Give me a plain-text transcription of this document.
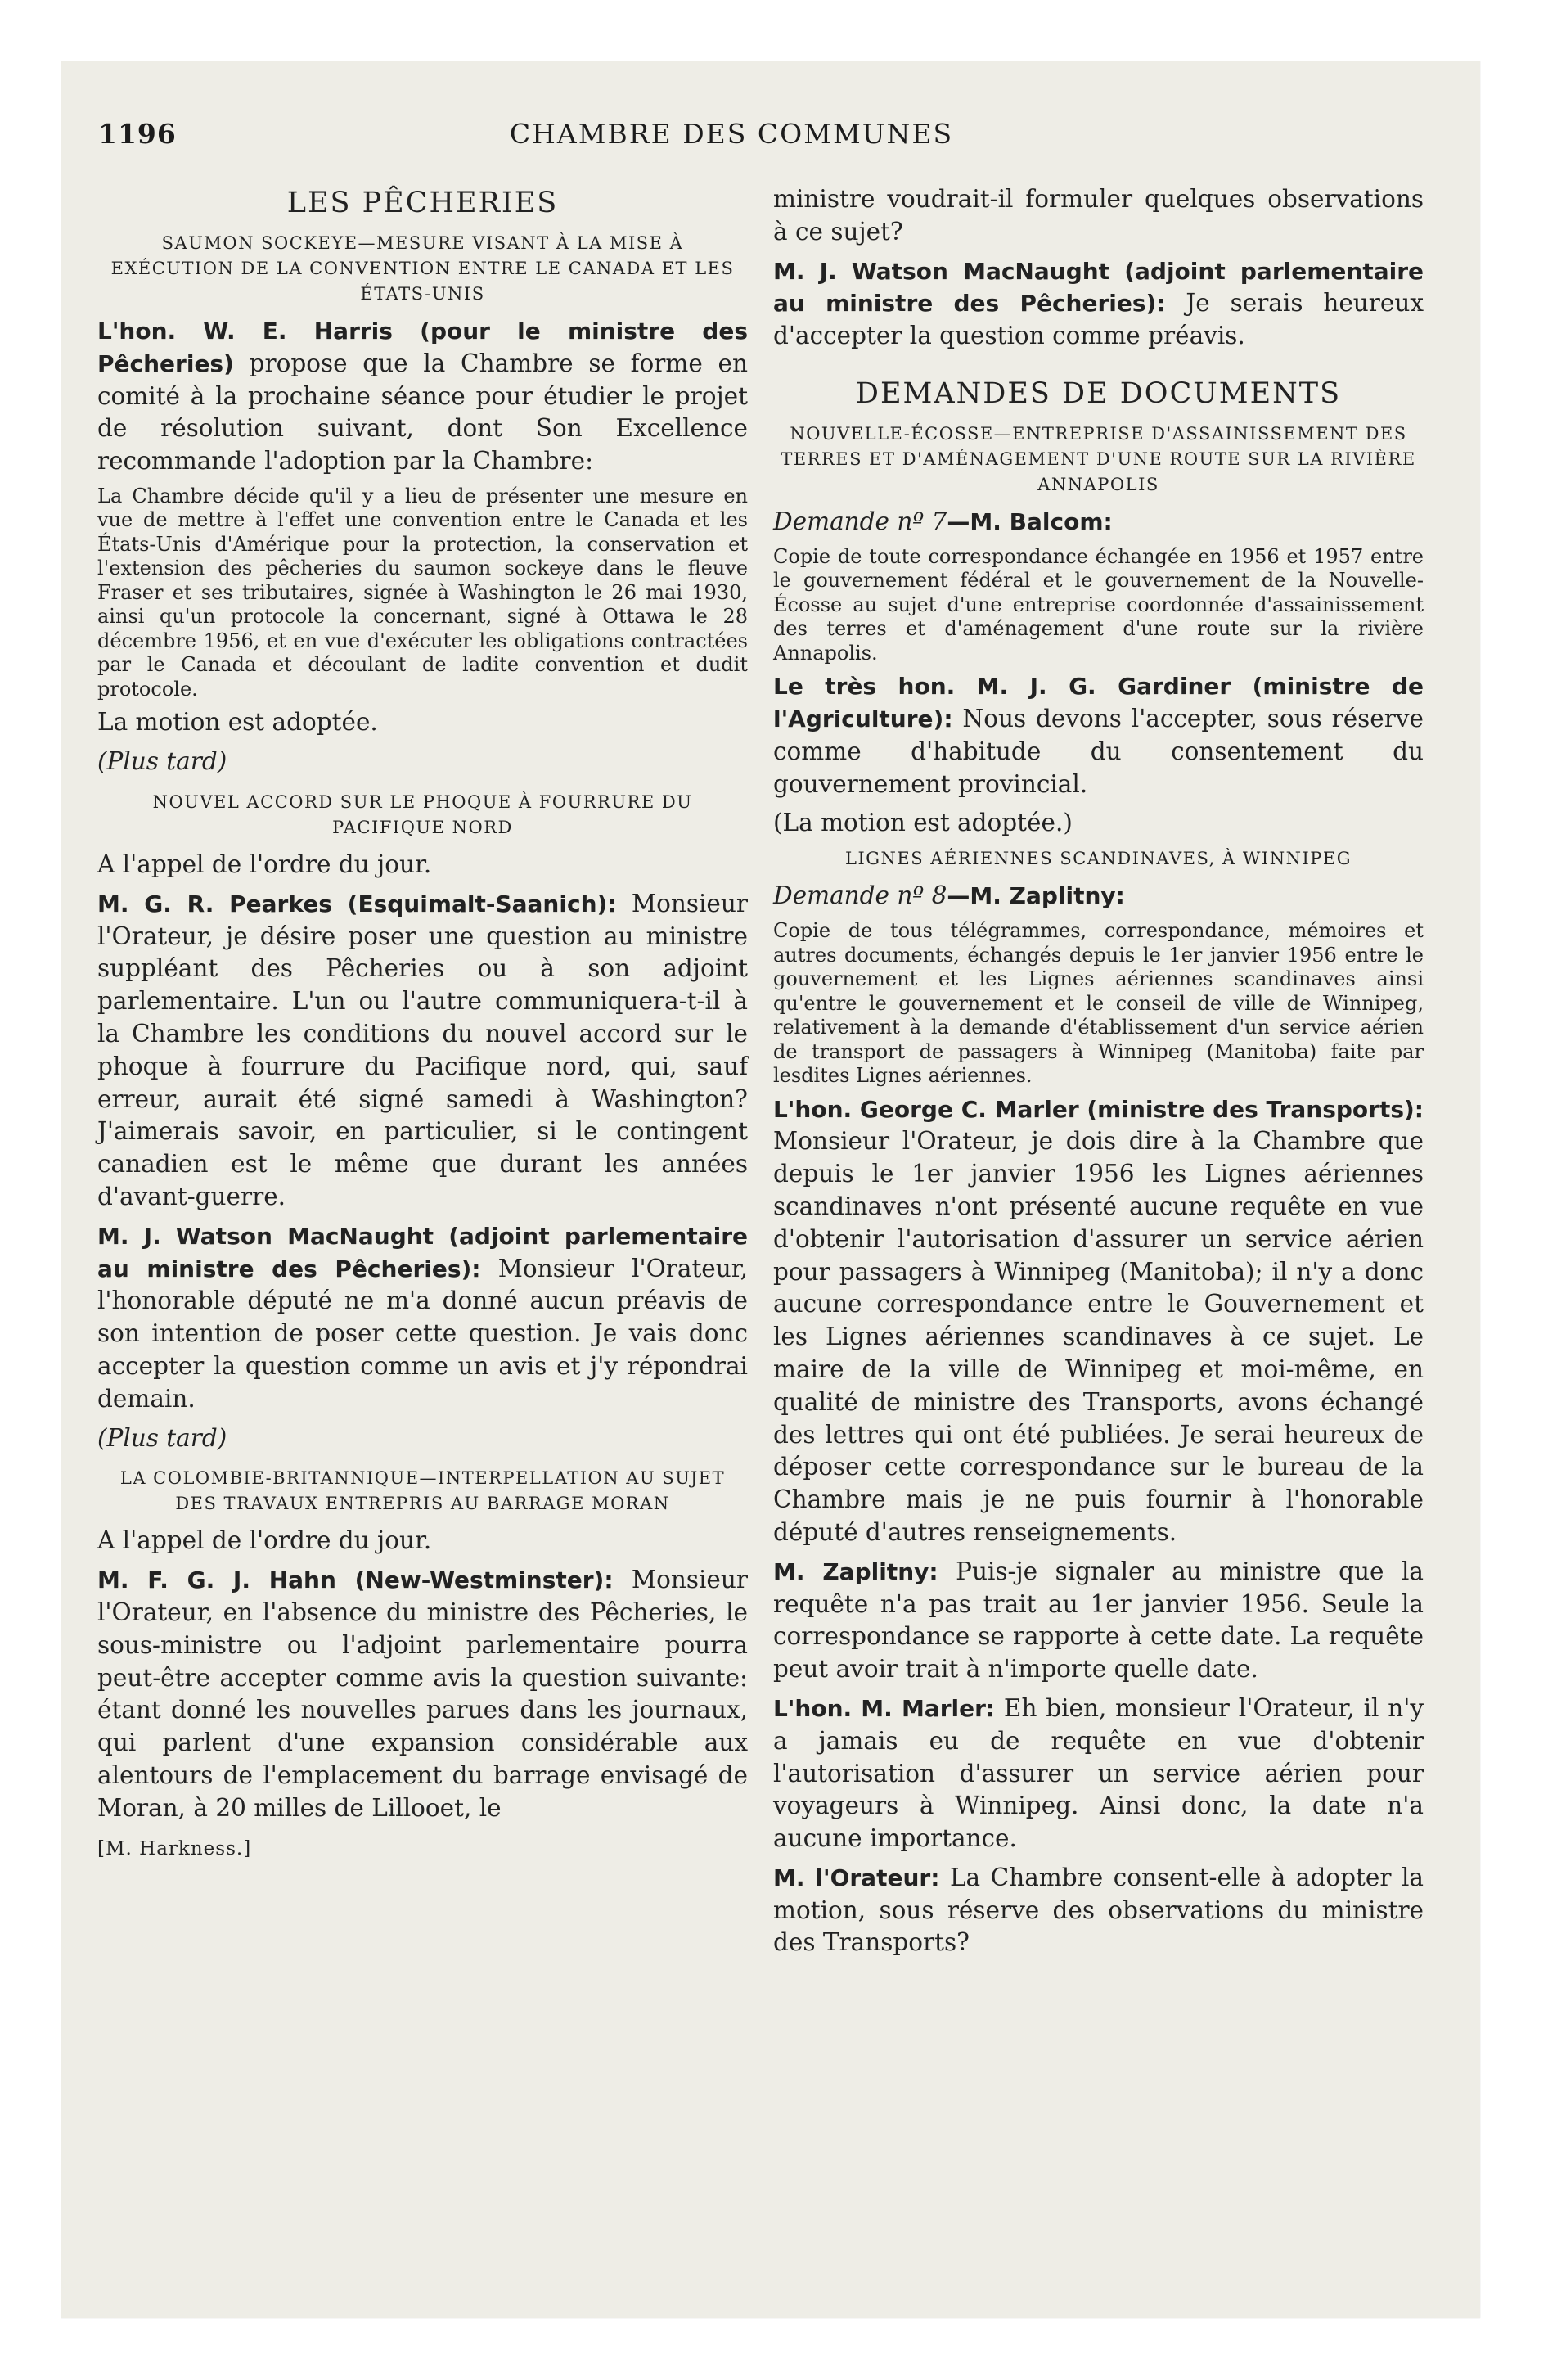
1196	CHAMBRE DES COMMUNES
LES PÊCHERIES
SAUMON SOCKEYE—MESURE VISANT À LA MISE À EXÉCUTION DE LA CONVENTION ENTRE LE CANADA ET LES ÉTATS-UNIS

L'hon. W. E. Harris (pour le ministre des Pêcheries) propose que la Chambre se forme en comité à la prochaine séance pour étudier le projet de résolution suivant, dont Son Excellence recommande l'adoption par la Chambre:

La Chambre décide qu'il y a lieu de présenter une mesure en vue de mettre à l'effet une convention entre le Canada et les États-Unis d'Amérique pour la protection, la conservation et l'extension des pêcheries du saumon sockeye dans le fleuve Fraser et ses tributaires, signée à Washington le 26 mai 1930, ainsi qu'un protocole la concernant, signé à Ottawa le 28 décembre 1956, et en vue d'exécuter les obligations contractées par le Canada et découlant de ladite convention et dudit protocole.

La motion est adoptée.

(Plus tard)

NOUVEL ACCORD SUR LE PHOQUE À FOURRURE DU PACIFIQUE NORD

A l'appel de l'ordre du jour.

M. G. R. Pearkes (Esquimalt-Saanich): Monsieur l'Orateur, je désire poser une question au ministre suppléant des Pêcheries ou à son adjoint parlementaire. L'un ou l'autre communiquera-t-il à la Chambre les conditions du nouvel accord sur le phoque à fourrure du Pacifique nord, qui, sauf erreur, aurait été signé samedi à Washington? J'aimerais savoir, en particulier, si le contingent canadien est le même que durant les années d'avant-guerre.

M. J. Watson MacNaught (adjoint parlementaire au ministre des Pêcheries): Monsieur l'Orateur, l'honorable député ne m'a donné aucun préavis de son intention de poser cette question. Je vais donc accepter la question comme un avis et j'y répondrai demain.

(Plus tard)

LA COLOMBIE-BRITANNIQUE—INTERPELLATION AU SUJET DES TRAVAUX ENTREPRIS AU BARRAGE MORAN

A l'appel de l'ordre du jour.

M. F. G. J. Hahn (New-Westminster): Monsieur l'Orateur, en l'absence du ministre des Pêcheries, le sous-ministre ou l'adjoint parlementaire pourra peut-être accepter comme avis la question suivante: étant donné les nouvelles parues dans les journaux, qui parlent d'une expansion considérable aux alentours de l'emplacement du barrage envisagé de Moran, à 20 milles de Lillooet, le

[M. Harkness.]

ministre voudrait-il formuler quelques observations à ce sujet?

M. J. Watson MacNaught (adjoint parlementaire au ministre des Pêcheries): Je serais heureux d'accepter la question comme préavis.

DEMANDES DE DOCUMENTS
NOUVELLE-ÉCOSSE—ENTREPRISE D'ASSAINISSEMENT DES TERRES ET D'AMÉNAGEMENT D'UNE ROUTE SUR LA RIVIÈRE ANNAPOLIS

Demande nº 7—M. Balcom:

Copie de toute correspondance échangée en 1956 et 1957 entre le gouvernement fédéral et le gouvernement de la Nouvelle-Écosse au sujet d'une entreprise coordonnée d'assainissement des terres et d'aménagement d'une route sur la rivière Annapolis.

Le très hon. M. J. G. Gardiner (ministre de l'Agriculture): Nous devons l'accepter, sous réserve comme d'habitude du consentement du gouvernement provincial.

(La motion est adoptée.)

LIGNES AÉRIENNES SCANDINAVES, À WINNIPEG

Demande nº 8—M. Zaplitny:

Copie de tous télégrammes, correspondance, mémoires et autres documents, échangés depuis le 1er janvier 1956 entre le gouvernement et les Lignes aériennes scandinaves ainsi qu'entre le gouvernement et le conseil de ville de Winnipeg, relativement à la demande d'établissement d'un service aérien de transport de passagers à Winnipeg (Manitoba) faite par lesdites Lignes aériennes.

L'hon. George C. Marler (ministre des Transports): Monsieur l'Orateur, je dois dire à la Chambre que depuis le 1er janvier 1956 les Lignes aériennes scandinaves n'ont présenté aucune requête en vue d'obtenir l'autorisation d'assurer un service aérien pour passagers à Winnipeg (Manitoba); il n'y a donc aucune correspondance entre le Gouvernement et les Lignes aériennes scandinaves à ce sujet. Le maire de la ville de Winnipeg et moi-même, en qualité de ministre des Transports, avons échangé des lettres qui ont été publiées. Je serai heureux de déposer cette correspondance sur le bureau de la Chambre mais je ne puis fournir à l'honorable député d'autres renseignements.

M. Zaplitny: Puis-je signaler au ministre que la requête n'a pas trait au 1er janvier 1956. Seule la correspondance se rapporte à cette date. La requête peut avoir trait à n'importe quelle date.

L'hon. M. Marler: Eh bien, monsieur l'Orateur, il n'y a jamais eu de requête en vue d'obtenir l'autorisation d'assurer un service aérien pour voyageurs à Winnipeg. Ainsi donc, la date n'a aucune importance.

M. l'Orateur: La Chambre consent-elle à adopter la motion, sous réserve des observations du ministre des Transports?
